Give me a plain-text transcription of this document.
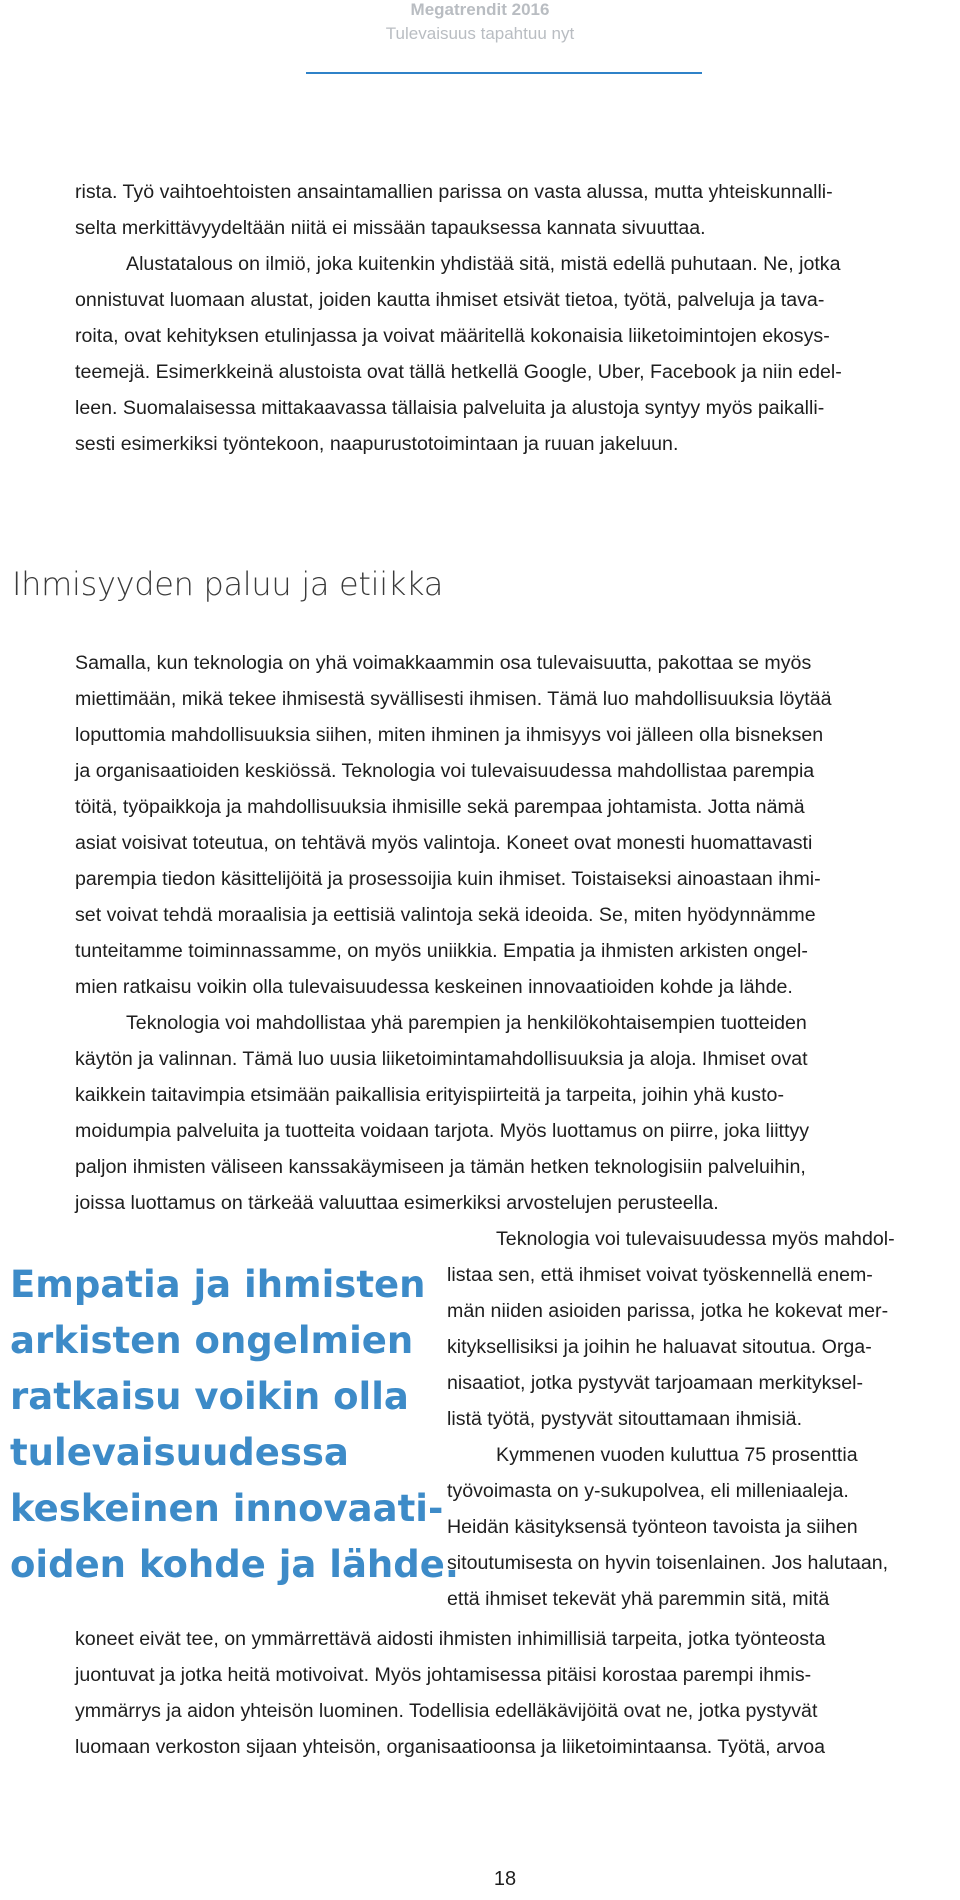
Megatrendit 2016
Tulevaisuus tapahtuu nyt
rista. Työ vaihtoehtoisten ansaintamallien parissa on vasta alussa, mutta yhteiskunnalli-
selta merkittävyydeltään niitä ei missään tapauksessa kannata sivuuttaa.
Alustatalous on ilmiö, joka kuitenkin yhdistää sitä, mistä edellä puhutaan. Ne, jotka
onnistuvat luomaan alustat, joiden kautta ihmiset etsivät tietoa, työtä, palveluja ja tava-
roita, ovat kehityksen etulinjassa ja voivat määritellä kokonaisia liiketoimintojen ekosys-
teemejä. Esimerkkeinä alustoista ovat tällä hetkellä Google, Uber, Facebook ja niin edel-
leen. Suomalaisessa mittakaavassa tällaisia palveluita ja alustoja syntyy myös paikalli-
sesti esimerkiksi työntekoon, naapurustotoimintaan ja ruuan jakeluun.
Ihmisyyden paluu ja etiikka
Samalla, kun teknologia on yhä voimakkaammin osa tulevaisuutta, pakottaa se myös
miettimään, mikä tekee ihmisestä syvällisesti ihmisen. Tämä luo mahdollisuuksia löytää
loputtomia mahdollisuuksia siihen, miten ihminen ja ihmisyys voi jälleen olla bisneksen
ja organisaatioiden keskiössä. Teknologia voi tulevaisuudessa mahdollistaa parempia
töitä, työpaikkoja ja mahdollisuuksia ihmisille sekä parempaa johtamista. Jotta nämä
asiat voisivat toteutua, on tehtävä myös valintoja. Koneet ovat monesti huomattavasti
parempia tiedon käsittelijöitä ja prosessoijia kuin ihmiset. Toistaiseksi ainoastaan ihmi-
set voivat tehdä moraalisia ja eettisiä valintoja sekä ideoida. Se, miten hyödynnämme
tunteitamme toiminnassamme, on myös uniikkia. Empatia ja ihmisten arkisten ongel-
mien ratkaisu voikin olla tulevaisuudessa keskeinen innovaatioiden kohde ja lähde.
Teknologia voi mahdollistaa yhä parempien ja henkilökohtaisempien tuotteiden
käytön ja valinnan. Tämä luo uusia liiketoimintamahdollisuuksia ja aloja. Ihmiset ovat
kaikkein taitavimpia etsimään paikallisia erityispiirteitä ja tarpeita, joihin yhä kusto-
moidumpia palveluita ja tuotteita voidaan tarjota. Myös luottamus on piirre, joka liittyy
paljon ihmisten väliseen kanssakäymiseen ja tämän hetken teknologisiin palveluihin,
joissa luottamus on tärkeää valuuttaa esimerkiksi arvostelujen perusteella.
Teknologia voi tulevaisuudessa myös mahdol-
listaa sen, että ihmiset voivat työskennellä enem-
män niiden asioiden parissa, jotka he kokevat mer-
kityksellisiksi ja joihin he haluavat sitoutua. Orga-
nisaatiot, jotka pystyvät tarjoamaan merkityksel-
listä työtä, pystyvät sitouttamaan ihmisiä.
Kymmenen vuoden kuluttua 75 prosenttia
työvoimasta on y-sukupolvea, eli milleniaaleja.
Heidän käsityksensä työnteon tavoista ja siihen
sitoutumisesta on hyvin toisenlainen. Jos halutaan,
että ihmiset tekevät yhä paremmin sitä, mitä
Empatia ja ihmisten
arkisten ongelmien
ratkaisu voikin olla
tulevaisuudessa
keskeinen innovaati-
oiden kohde ja lähde.
koneet eivät tee, on ymmärrettävä aidosti ihmisten inhimillisiä tarpeita, jotka työnteosta
juontuvat ja jotka heitä motivoivat. Myös johtamisessa pitäisi korostaa parempi ihmis-
ymmärrys ja aidon yhteisön luominen. Todellisia edelläkävijöitä ovat ne, jotka pystyvät
luomaan verkoston sijaan yhteisön, organisaatioonsa ja liiketoimintaansa. Työtä, arvoa
18
